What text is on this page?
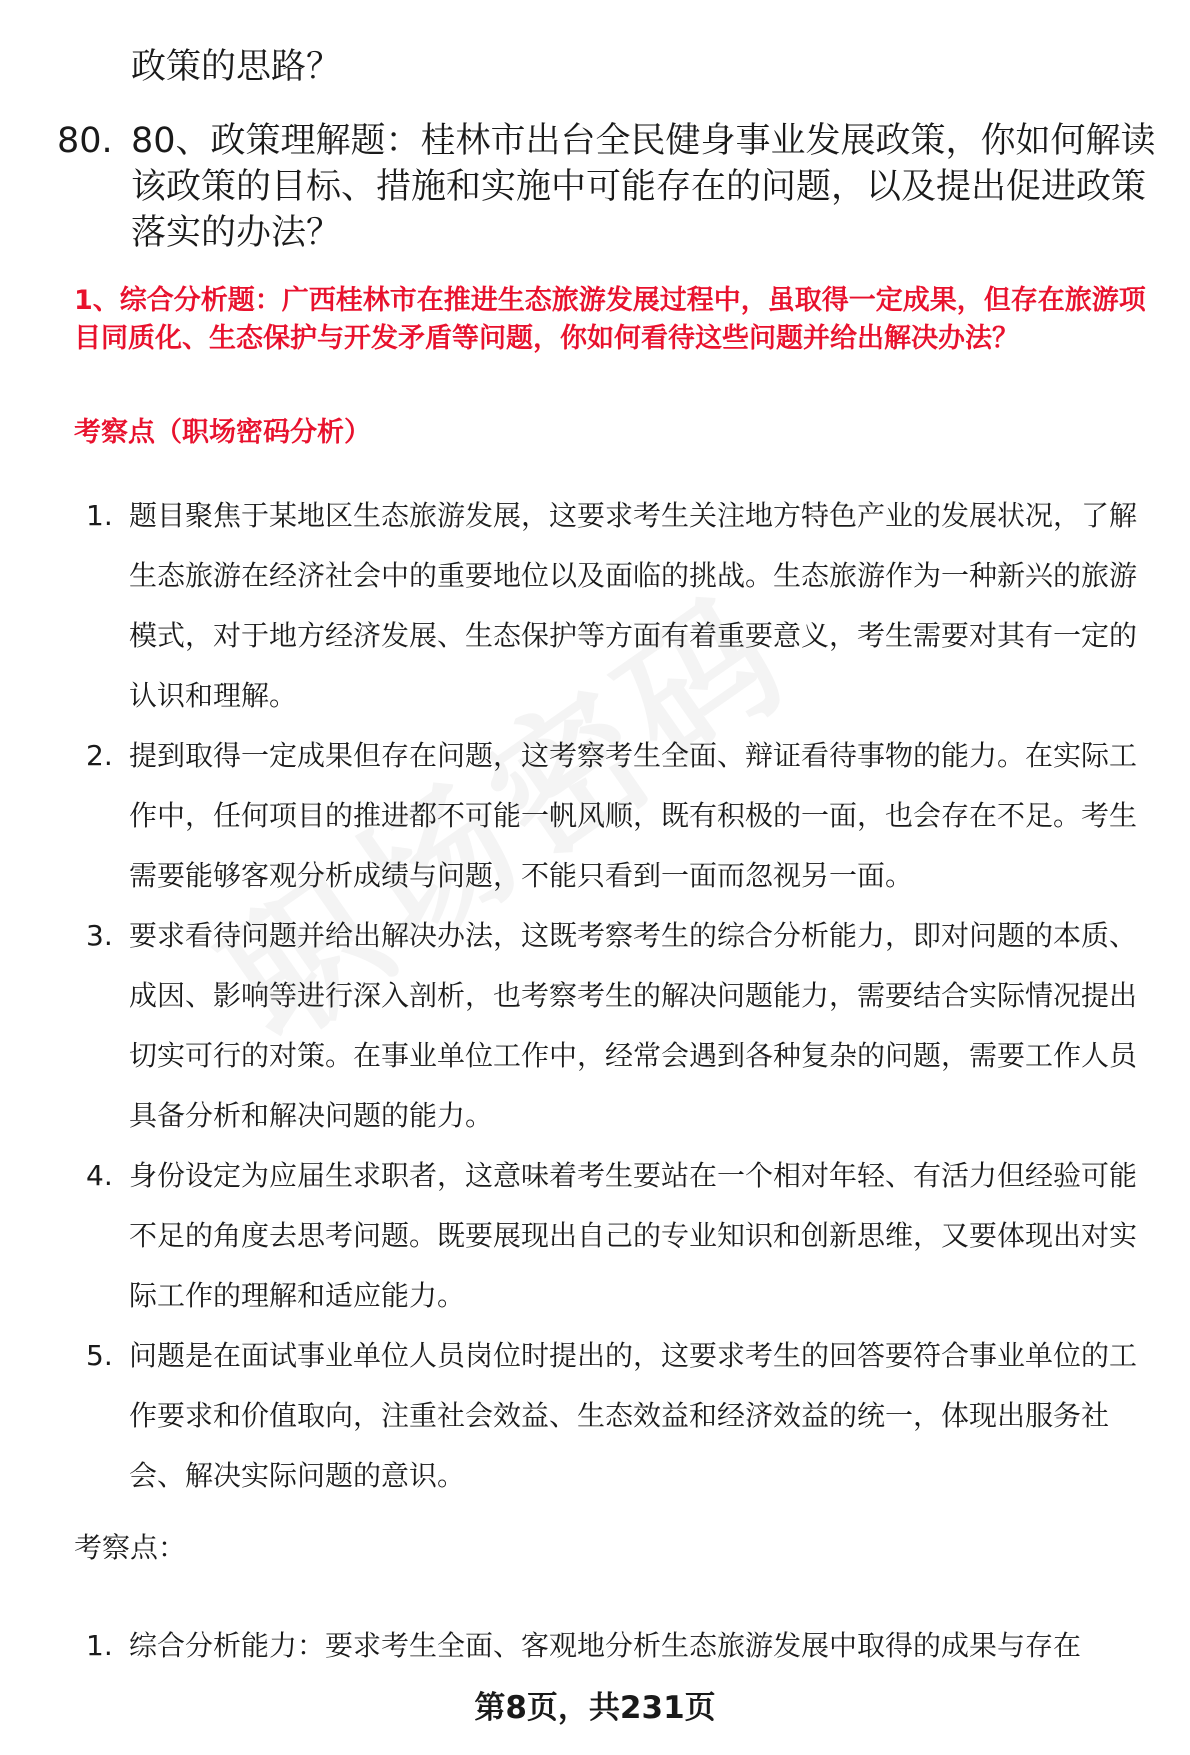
政策的思路？

80. 80、政策理解题：桂林市出台全民健身事业发展政策，你如何解读该政策的目标、措施和实施中可能存在的问题，以及提出促进政策落实的办法？

1、综合分析题：广西桂林市在推进生态旅游发展过程中，虽取得一定成果，但存在旅游项目同质化、生态保护与开发矛盾等问题，你如何看待这些问题并给出解决办法？

考察点（职场密码分析）

1. 题目聚焦于某地区生态旅游发展，这要求考生关注地方特色产业的发展状况，了解生态旅游在经济社会中的重要地位以及面临的挑战。生态旅游作为一种新兴的旅游模式，对于地方经济发展、生态保护等方面有着重要意义，考生需要对其有一定的认识和理解。
2. 提到取得一定成果但存在问题，这考察考生全面、辩证看待事物的能力。在实际工作中，任何项目的推进都不可能一帆风顺，既有积极的一面，也会存在不足。考生需要能够客观分析成绩与问题，不能只看到一面而忽视另一面。
3. 要求看待问题并给出解决办法，这既考察考生的综合分析能力，即对问题的本质、成因、影响等进行深入剖析，也考察考生的解决问题能力，需要结合实际情况提出切实可行的对策。在事业单位工作中，经常会遇到各种复杂的问题，需要工作人员具备分析和解决问题的能力。
4. 身份设定为应届生求职者，这意味着考生要站在一个相对年轻、有活力但经验可能不足的角度去思考问题。既要展现出自己的专业知识和创新思维，又要体现出对实际工作的理解和适应能力。
5. 问题是在面试事业单位人员岗位时提出的，这要求考生的回答要符合事业单位的工作要求和价值取向，注重社会效益、生态效益和经济效益的统一，体现出服务社会、解决实际问题的意识。

考察点：

1. 综合分析能力：要求考生全面、客观地分析生态旅游发展中取得的成果与存在

第8页，共231页
